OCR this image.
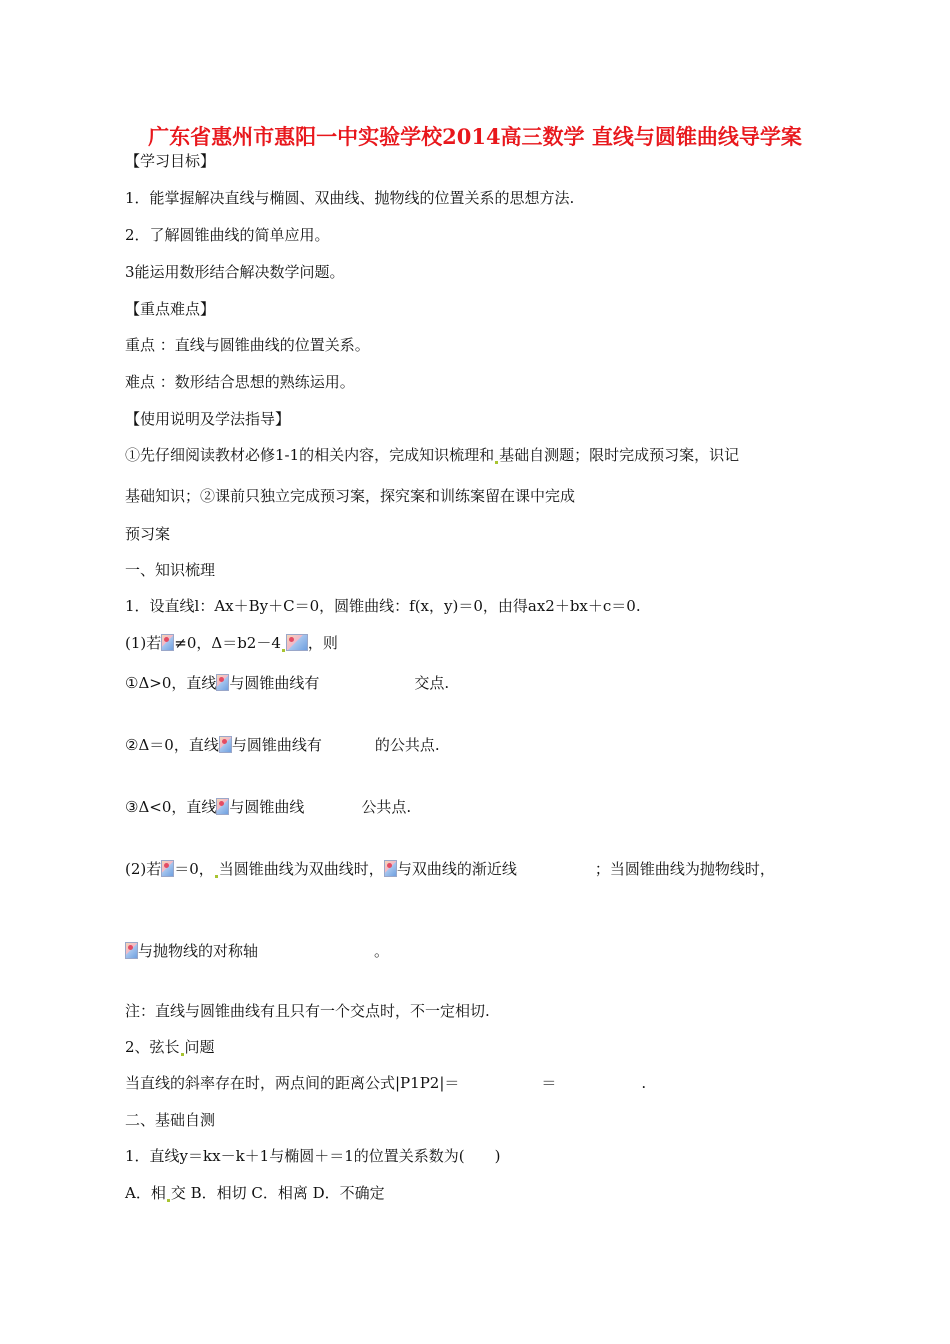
广东省惠州市惠阳一中实验学校2014高三数学 直线与圆锥曲线导学案
【学习目标】
1．能掌握解决直线与椭圆、双曲线、抛物线的位置关系的思想方法.
2．了解圆锥曲线的简单应用。
3能运用数形结合解决数学问题。
【重点难点】
重点 ：直线与圆锥曲线的位置关系。
难点 ：数形结合思想的熟练运用。
【使用说明及学法指导】
①先仔细阅读教材必修1-1的相关内容，完成知识梳理和 基础自测题；限时完成预习案，识记
基础知识；②课前只独立完成预习案，探究案和训练案留在课中完成
预习案
一、知识梳理
1．设直线l：Ax＋By＋C＝0，圆锥曲线：f(x，y)＝0，由得ax2＋bx＋c＝0.
(1)若 ≠0，Δ＝b2－4 ，则
①Δ>0，直线 与圆锥曲线有	交点.
②Δ＝0，直线 与圆锥曲线有	的公共点.
③Δ<0，直线 与圆锥曲线	公共点.
(2)若 ＝0， 当圆锥曲线为双曲线时， 与双曲线的渐近线	；当圆锥曲线为抛物线时，
与抛物线的对称轴	。
注：直线与圆锥曲线有且只有一个交点时，不一定相切.
2、弦长 问题
当直线的斜率存在时，两点间的距离公式|P1P2|＝	＝	.
二、基础自测
1．直线y＝kx－k＋1与椭圆＋＝1的位置关系数为(　　)
A．相 交 B．相切 C．相离 D．不确定
